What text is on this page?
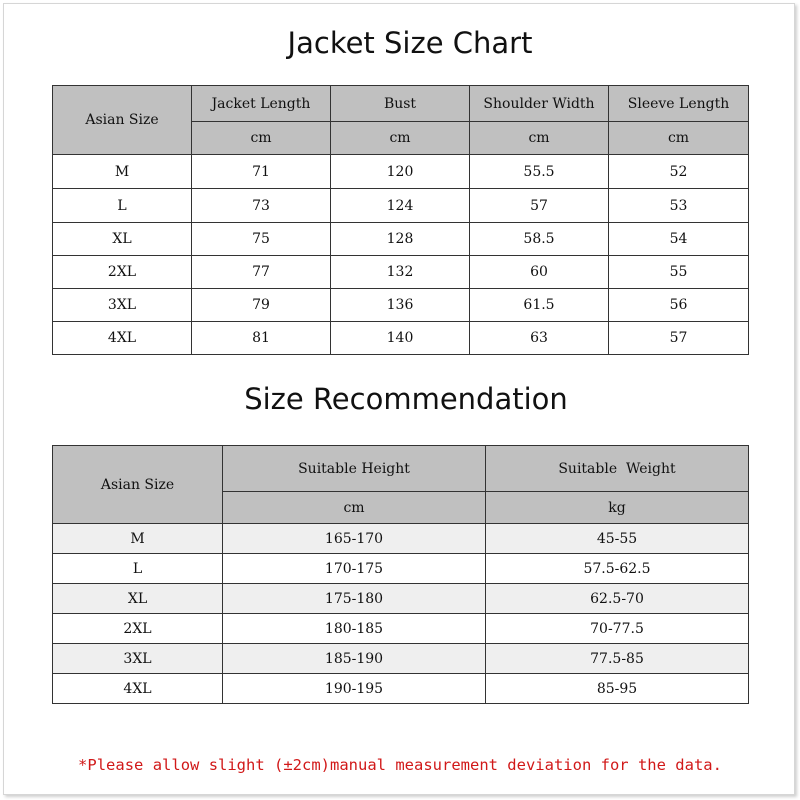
Jacket Size Chart
Asian Size	Jacket Length	Bust	Shoulder Width	Sleeve Length
	cm	cm	cm	cm
M	71	120	55.5	52
L	73	124	57	53
XL	75	128	58.5	54
2XL	77	132	60	55
3XL	79	136	61.5	56
4XL	81	140	63	57
Size Recommendation
Asian Size	Suitable Height	Suitable  Weight
	cm	kg
M	165-170	45-55
L	170-175	57.5-62.5
XL	175-180	62.5-70
2XL	180-185	70-77.5
3XL	185-190	77.5-85
4XL	190-195	85-95
*Please allow slight (±2cm)manual measurement deviation for the data.
